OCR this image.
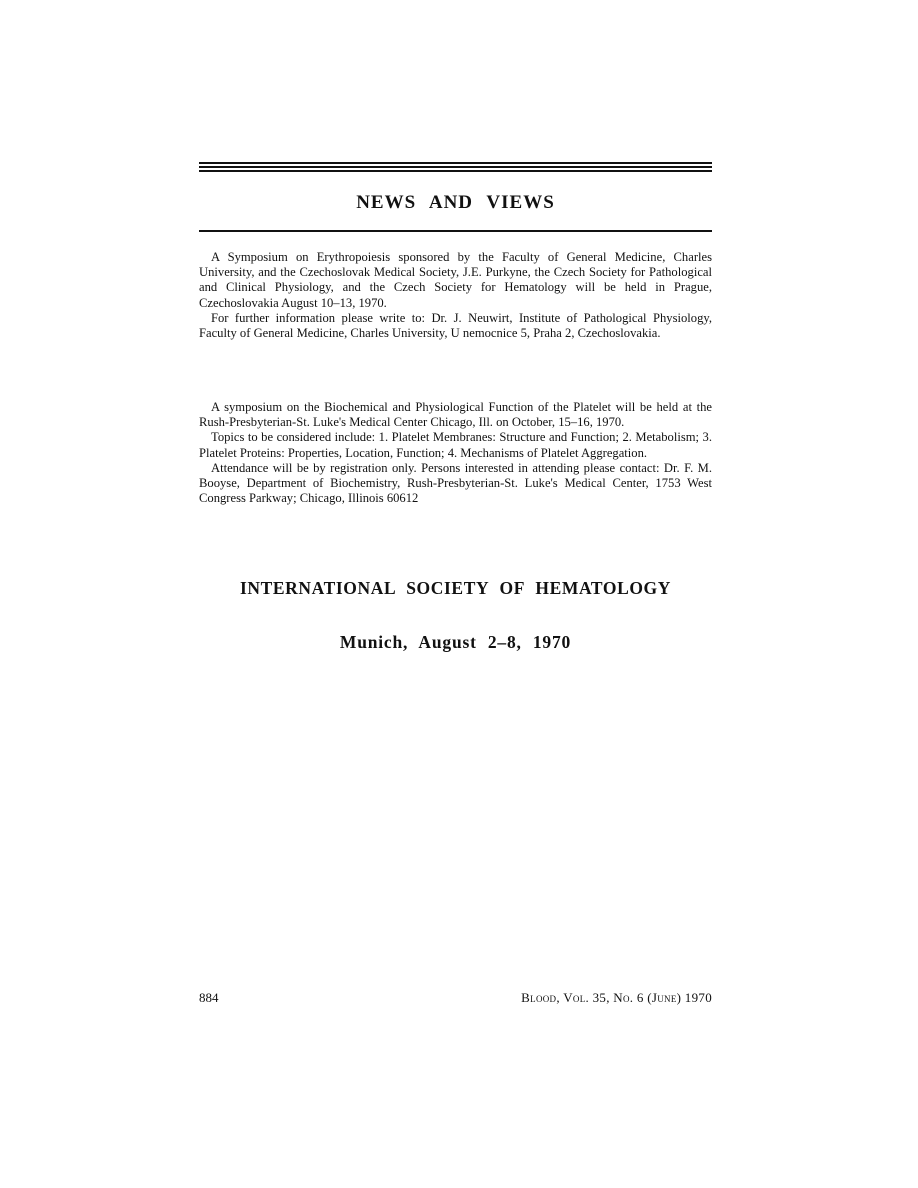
NEWS AND VIEWS

A Symposium on Erythropoiesis sponsored by the Faculty of General Medicine, Charles University, and the Czechoslovak Medical Society, J.E. Purkyne, the Czech Society for Pathological and Clinical Physiology, and the Czech Society for Hematology will be held in Prague, Czechoslovakia August 10–13, 1970.

For further information please write to: Dr. J. Neuwirt, Institute of Pathological Physiology, Faculty of General Medicine, Charles University, U nemocnice 5, Praha 2, Czechoslovakia.

A symposium on the Biochemical and Physiological Function of the Platelet will be held at the Rush-Presbyterian-St. Luke's Medical Center Chicago, Ill. on October, 15–16, 1970.

Topics to be considered include: 1. Platelet Membranes: Structure and Function; 2. Metabolism; 3. Platelet Proteins: Properties, Location, Function; 4. Mechanisms of Platelet Aggregation.

Attendance will be by registration only. Persons interested in attending please contact: Dr. F. M. Booyse, Department of Biochemistry, Rush-Presbyterian-St. Luke's Medical Center, 1753 West Congress Parkway; Chicago, Illinois 60612

INTERNATIONAL SOCIETY OF HEMATOLOGY
Munich, August 2–8, 1970
884	Blood, Vol. 35, No. 6 (June) 1970
